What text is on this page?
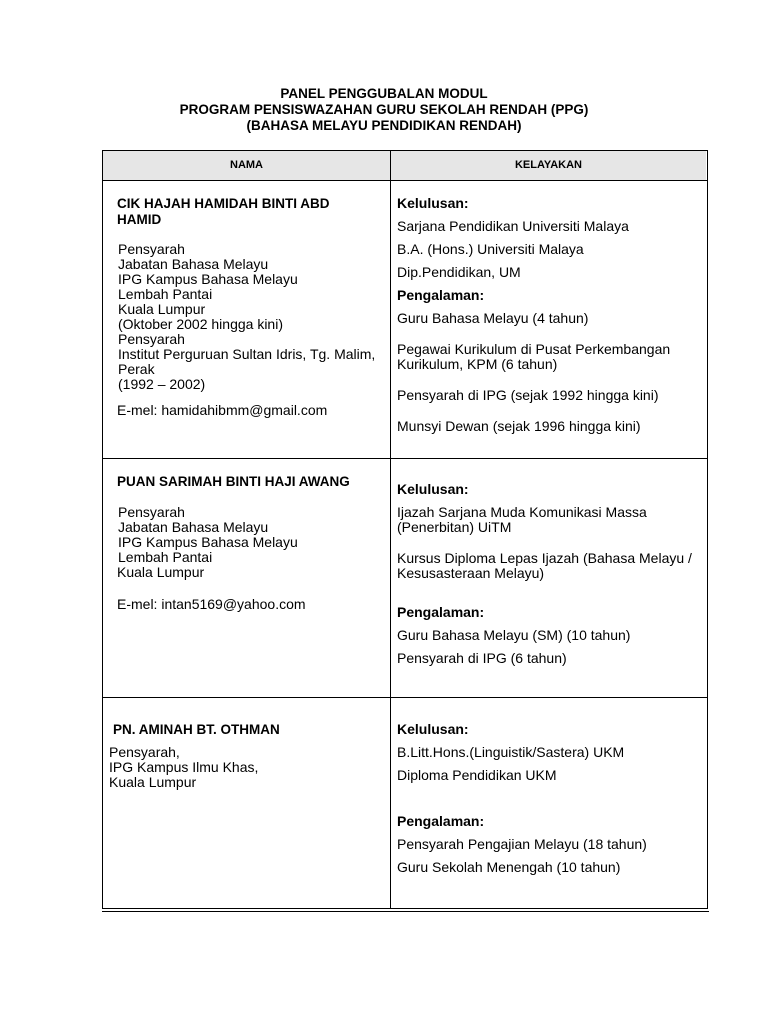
PANEL PENGGUBALAN MODUL
PROGRAM PENSISWAZAHAN GURU SEKOLAH RENDAH (PPG)
(BAHASA MELAYU PENDIDIKAN RENDAH)
NAMA	KELAYAKAN
CIK HAJAH HAMIDAH BINTI ABD
HAMID
Pensyarah
Jabatan Bahasa Melayu
IPG Kampus Bahasa Melayu
Lembah Pantai
Kuala Lumpur
(Oktober 2002 hingga kini)
Pensyarah
Institut Perguruan Sultan Idris, Tg. Malim,
Perak
(1992 – 2002)
E-mel: hamidahibmm@gmail.com
Kelulusan:
Sarjana Pendidikan Universiti Malaya
B.A. (Hons.) Universiti Malaya
Dip.Pendidikan, UM
Pengalaman:
Guru Bahasa Melayu (4 tahun)
Pegawai Kurikulum di Pusat Perkembangan
Kurikulum, KPM (6 tahun)
Pensyarah di IPG (sejak 1992 hingga kini)
Munsyi Dewan (sejak 1996 hingga kini)
PUAN SARIMAH BINTI HAJI AWANG
Pensyarah
Jabatan Bahasa Melayu
IPG Kampus Bahasa Melayu
Lembah Pantai
Kuala Lumpur
E-mel: intan5169@yahoo.com
Kelulusan:
Ijazah Sarjana Muda Komunikasi Massa
(Penerbitan) UiTM
Kursus Diploma Lepas Ijazah (Bahasa Melayu /
Kesusasteraan Melayu)
Pengalaman:
Guru Bahasa Melayu (SM) (10 tahun)
Pensyarah di IPG (6 tahun)
PN. AMINAH BT. OTHMAN
Pensyarah,
IPG Kampus Ilmu Khas,
Kuala Lumpur
Kelulusan:
B.Litt.Hons.(Linguistik/Sastera) UKM
Diploma Pendidikan UKM
Pengalaman:
Pensyarah Pengajian Melayu (18 tahun)
Guru Sekolah Menengah (10 tahun)
